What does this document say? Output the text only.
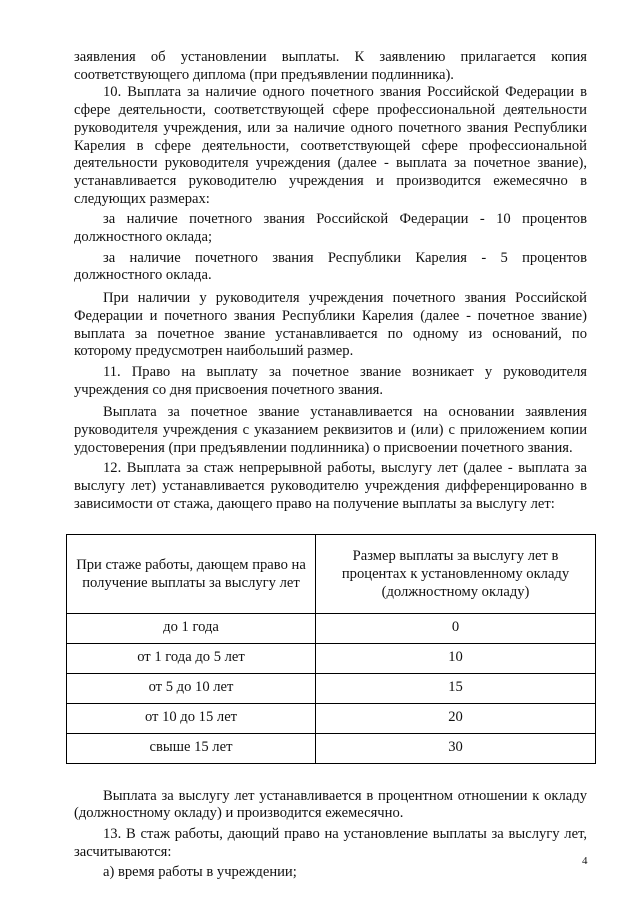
заявления об установлении выплаты. К заявлению прилагается копия соответствующего диплома (при предъявлении подлинника).

10. Выплата за наличие одного почетного звания Российской Федерации в сфере деятельности, соответствующей сфере профессиональной деятельности руководителя учреждения, или за наличие одного почетного звания Республики Карелия в сфере деятельности, соответствующей сфере профессиональной деятельности руководителя учреждения (далее - выплата за почетное звание), устанавливается руководителю учреждения и производится ежемесячно в следующих размерах:

за наличие почетного звания Российской Федерации - 10 процентов должностного оклада;

за наличие почетного звания Республики Карелия - 5 процентов должностного оклада.

При наличии у руководителя учреждения почетного звания Российской Федерации и почетного звания Республики Карелия (далее - почетное звание) выплата за почетное звание устанавливается по одному из оснований, по которому предусмотрен наибольший размер.

11. Право на выплату за почетное звание возникает у руководителя учреждения со дня присвоения почетного звания.

Выплата за почетное звание устанавливается на основании заявления руководителя учреждения с указанием реквизитов и (или) с приложением копии удостоверения (при предъявлении подлинника) о присвоении почетного звания.

12. Выплата за стаж непрерывной работы, выслугу лет (далее - выплата за выслугу лет) устанавливается руководителю учреждения дифференцированно в зависимости от стажа, дающего право на получение выплаты за выслугу лет:

При стаже работы, дающем право на получение выплаты за выслугу лет	Размер выплаты за выслугу лет в процентах к установленному окладу (должностному окладу)
до 1 года	0
от 1 года до 5 лет	10
от 5 до 10 лет	15
от 10 до 15 лет	20
свыше 15 лет	30

Выплата за выслугу лет устанавливается в процентном отношении к окладу (должностному окладу) и производится ежемесячно.

13. В стаж работы, дающий право на установление выплаты за выслугу лет, засчитываются:

а) время работы в учреждении;

4
